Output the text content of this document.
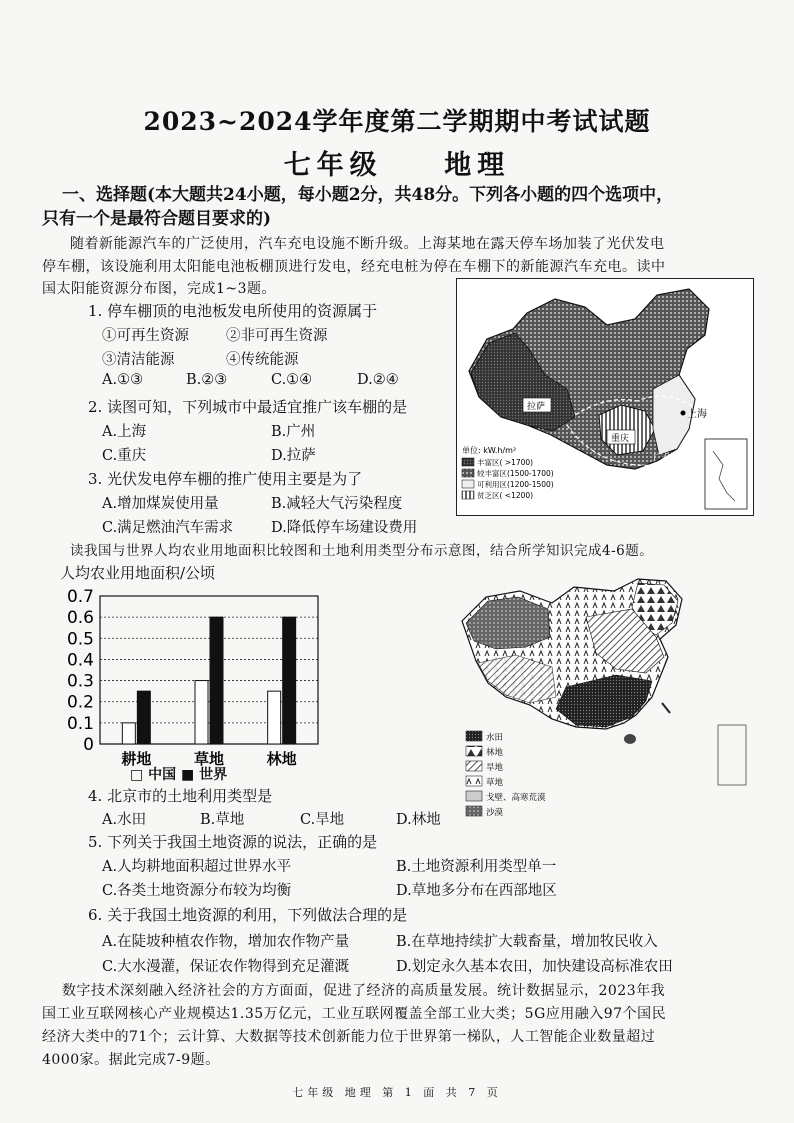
2023~2024学年度第二学期期中考试试题
七年级    地理
一、选择题(本大题共24小题，每小题2分，共48分。下列各小题的四个选项中，
只有一个是最符合题目要求的)
随着新能源汽车的广泛使用，汽车充电设施不断升级。上海某地在露天停车场加装了光伏发电
停车棚，该设施利用太阳能电池板棚顶进行发电，经充电桩为停在车棚下的新能源汽车充电。读中
国太阳能资源分布图，完成1~3题。
1. 停车棚顶的电池板发电所使用的资源属于
①可再生资源	②非可再生资源
③清洁能源	④传统能源
A.①③	B.②③	C.①④	D.②④
2. 读图可知，下列城市中最适宜推广该车棚的是
A.上海	B.广州
C.重庆	D.拉萨
3. 光伏发电停车棚的推广使用主要是为了
A.增加煤炭使用量	B.减轻大气污染程度
C.满足燃油汽车需求	D.降低停车场建设费用
拉萨
重庆
上海
广州
单位: kW.h/m²
丰富区( >1700)
较丰富区(1500-1700)
可利用区(1200-1500)
贫乏区( <1200)
读我国与世界人均农业用地面积比较图和土地利用类型分布示意图，结合所学知识完成4-6题。
人均农业用地面积/公顷
0
0.1
0.2
0.3
0.4
0.5
0.6
0.7
耕地	草地	林地
□ 中国 ■ 世界
水田
林地
旱地
草地
戈壁、高寒荒漠
沙漠
4. 北京市的土地利用类型是
A.水田	B.草地	C.旱地	D.林地
5. 下列关于我国土地资源的说法，正确的是
A.人均耕地面积超过世界水平	B.土地资源利用类型单一
C.各类土地资源分布较为均衡	D.草地多分布在西部地区
6. 关于我国土地资源的利用，下列做法合理的是
A.在陡坡种植农作物，增加农作物产量	B.在草地持续扩大载畜量，增加牧民收入
C.大水漫灌，保证农作物得到充足灌溉	D.划定永久基本农田，加快建设高标准农田
数字技术深刻融入经济社会的方方面面，促进了经济的高质量发展。统计数据显示，2023年我
国工业互联网核心产业规模达1.35万亿元，工业互联网覆盖全部工业大类；5G应用融入97个国民
经济大类中的71个；云计算、大数据等技术创新能力位于世界第一梯队，人工智能企业数量超过
4000家。据此完成7-9题。
七年级 地理 第 1 面 共 7 页
